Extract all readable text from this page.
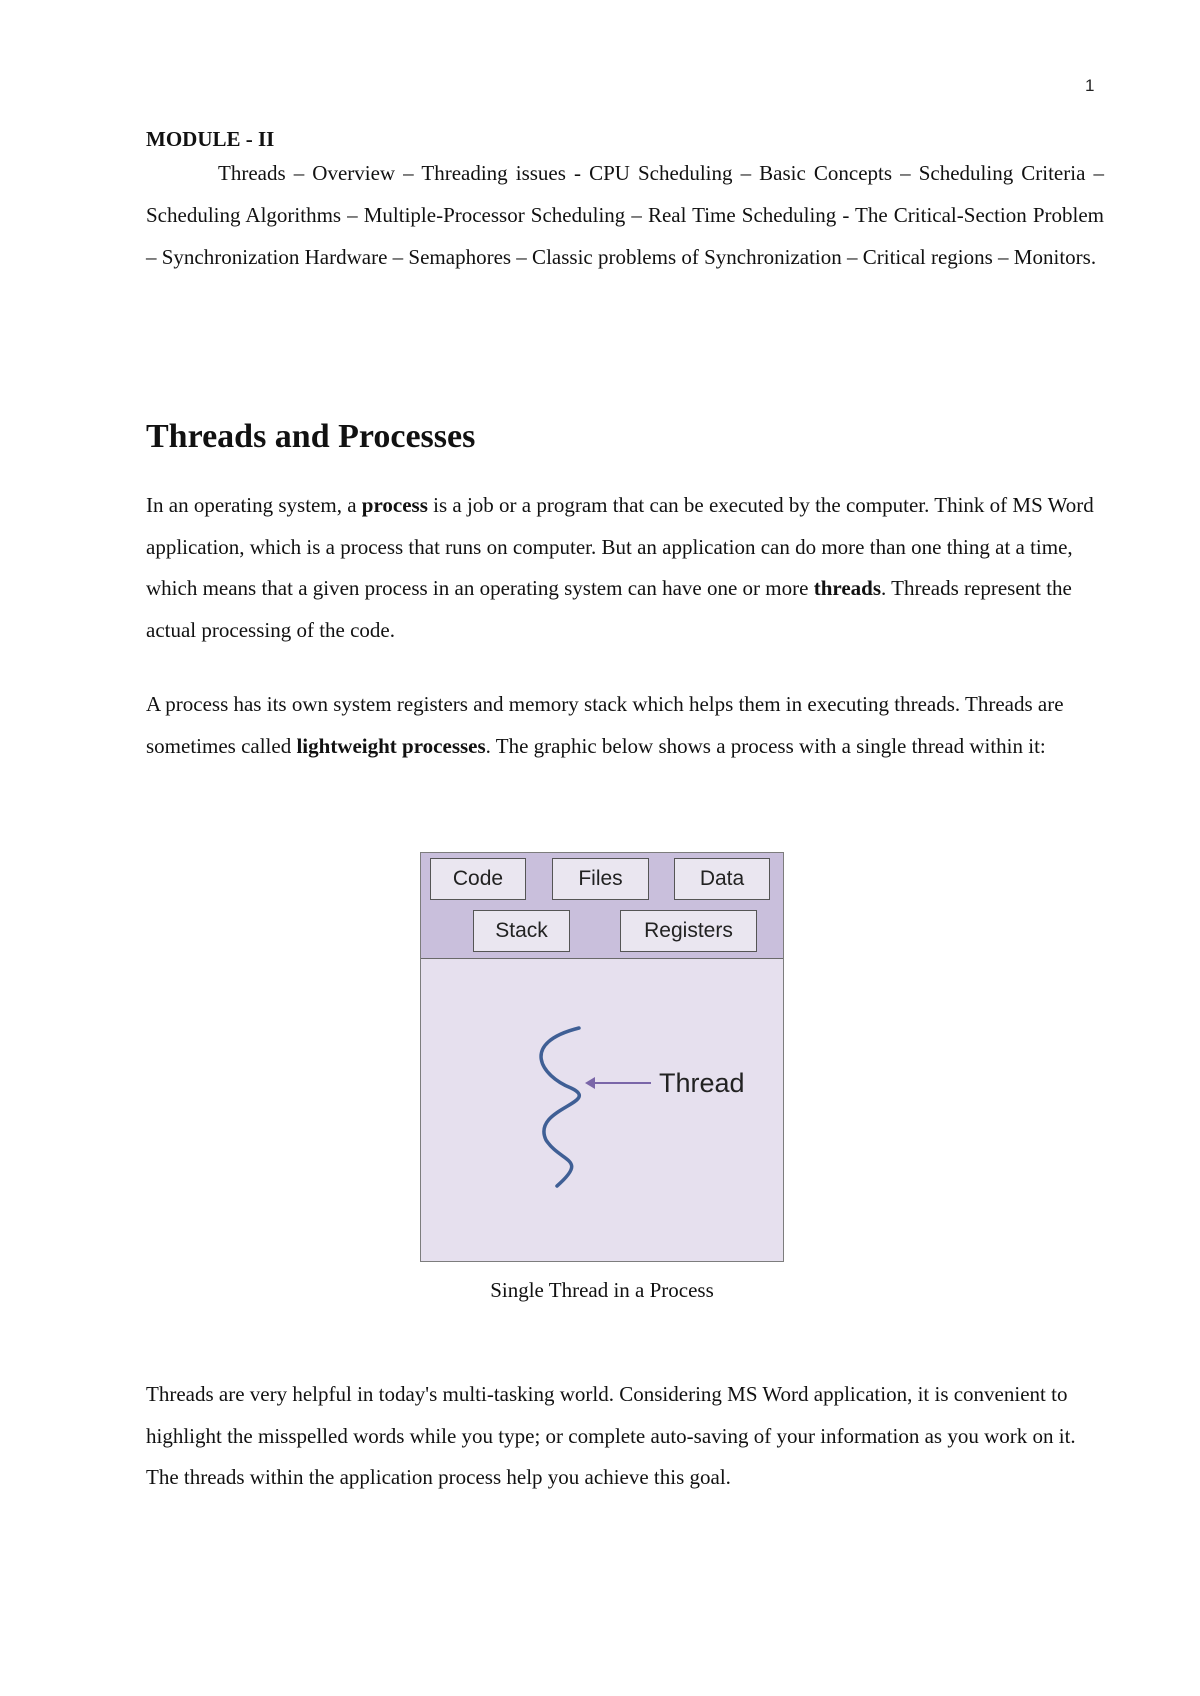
1
MODULE - II

Threads – Overview – Threading issues - CPU Scheduling – Basic Concepts – Scheduling Criteria – Scheduling Algorithms – Multiple-Processor Scheduling – Real Time Scheduling - The Critical-Section Problem – Synchronization Hardware – Semaphores – Classic problems of Synchronization – Critical regions – Monitors.

Threads and Processes

In an operating system, a process is a job or a program that can be executed by the computer. Think of MS Word application, which is a process that runs on computer. But an application can do more than one thing at a time, which means that a given process in an operating system can have one or more threads. Threads represent the actual processing of the code.

A process has its own system registers and memory stack which helps them in executing threads. Threads are sometimes called lightweight processes. The graphic below shows a process with a single thread within it:

Code	Files	Data
Stack	Registers
Thread

Single Thread in a Process

Threads are very helpful in today's multi-tasking world. Considering MS Word application, it is convenient to highlight the misspelled words while you type; or complete auto-saving of your information as you work on it. The threads within the application process help you achieve this goal.
